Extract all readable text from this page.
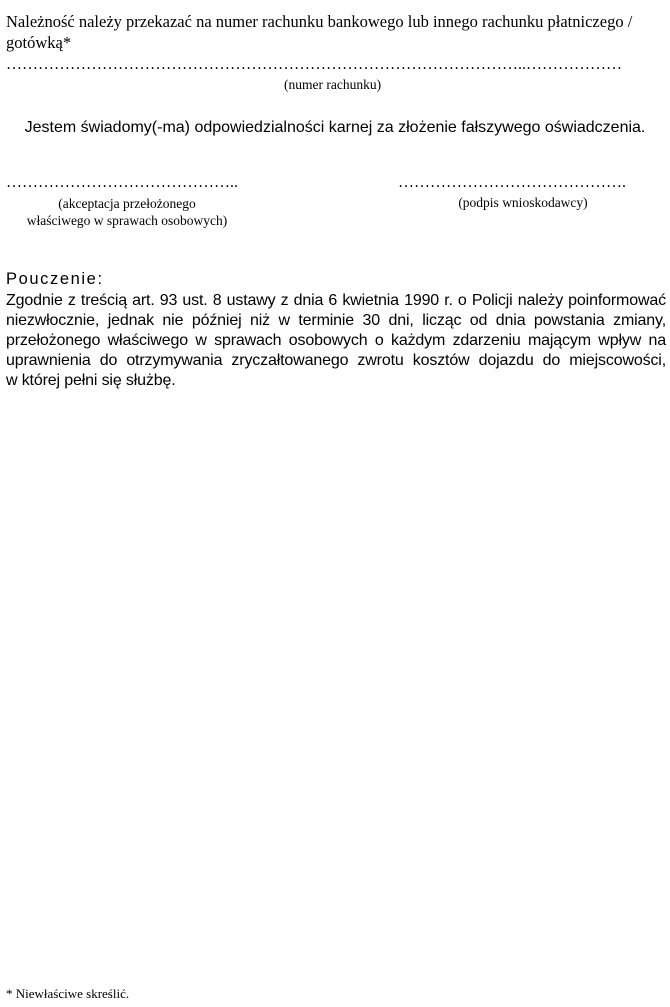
Należność należy przekazać na numer rachunku bankowego lub innego rachunku płatniczego /
gotówką*
……………………………………………………………………………………..………………
(numer rachunku)
Jestem świadomy(-ma) odpowiedzialności karnej za złożenie fałszywego oświadczenia.
……………………………………..	…………………………………….
(akceptacja przełożonego
właściwego w sprawach osobowych)
(podpis wnioskodawcy)
Pouczenie:
Zgodnie z treścią art. 93 ust. 8 ustawy z dnia 6 kwietnia 1990 r. o Policji należy poinformować
niezwłocznie, jednak nie później niż w terminie 30 dni, licząc od dnia powstania zmiany,
przełożonego właściwego w sprawach osobowych o każdym zdarzeniu mającym wpływ na
uprawnienia do otrzymywania zryczałtowanego zwrotu kosztów dojazdu do miejscowości,
w której pełni się służbę.
* Niewłaściwe skreślić.
